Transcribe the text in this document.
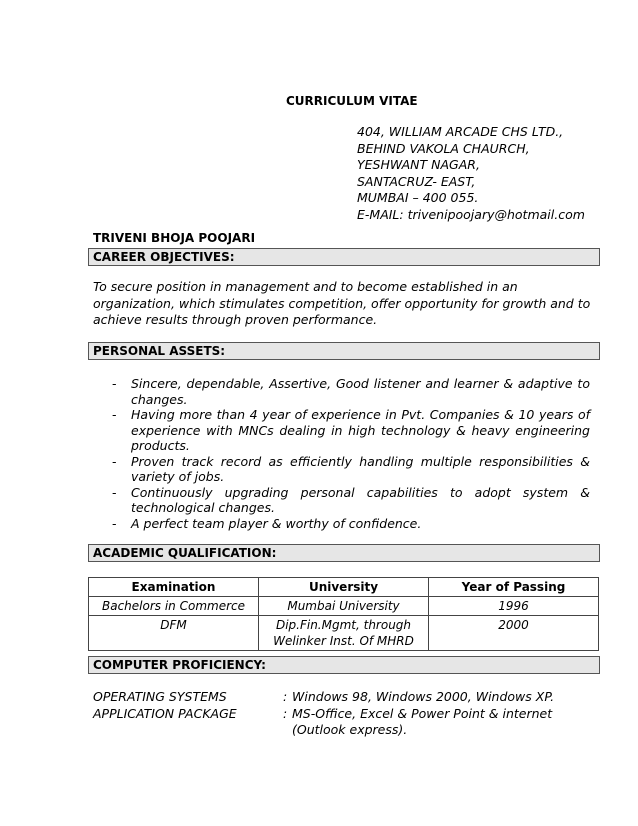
CURRICULUM VITAE
404, WILLIAM ARCADE CHS LTD.,
BEHIND VAKOLA CHAURCH,
YESHWANT NAGAR,
SANTACRUZ- EAST,
MUMBAI – 400 055.
E-MAIL: trivenipoojary@hotmail.com
TRIVENI BHOJA POOJARI
CAREER OBJECTIVES:
To secure position in management and to become established in an organization, which stimulates competition, offer opportunity for growth and to achieve results through proven performance.
PERSONAL ASSETS:
- Sincere, dependable, Assertive, Good listener and learner & adaptive to changes.
- Having more than 4 year of experience in Pvt. Companies & 10 years of experience with MNCs dealing in high technology & heavy engineering products.
- Proven track record as efficiently handling multiple responsibilities & variety of jobs.
- Continuously upgrading personal capabilities to adopt system & technological changes.
- A perfect team player & worthy of confidence.
ACADEMIC QUALIFICATION:
Examination	University	Year of Passing
Bachelors in Commerce	Mumbai University	1996
DFM	Dip.Fin.Mgmt, through Welinker Inst. Of MHRD	2000
COMPUTER PROFICIENCY:
OPERATING SYSTEMS	: Windows 98, Windows 2000, Windows XP.
APPLICATION PACKAGE	: MS-Office, Excel & Power Point & internet
(Outlook express).
